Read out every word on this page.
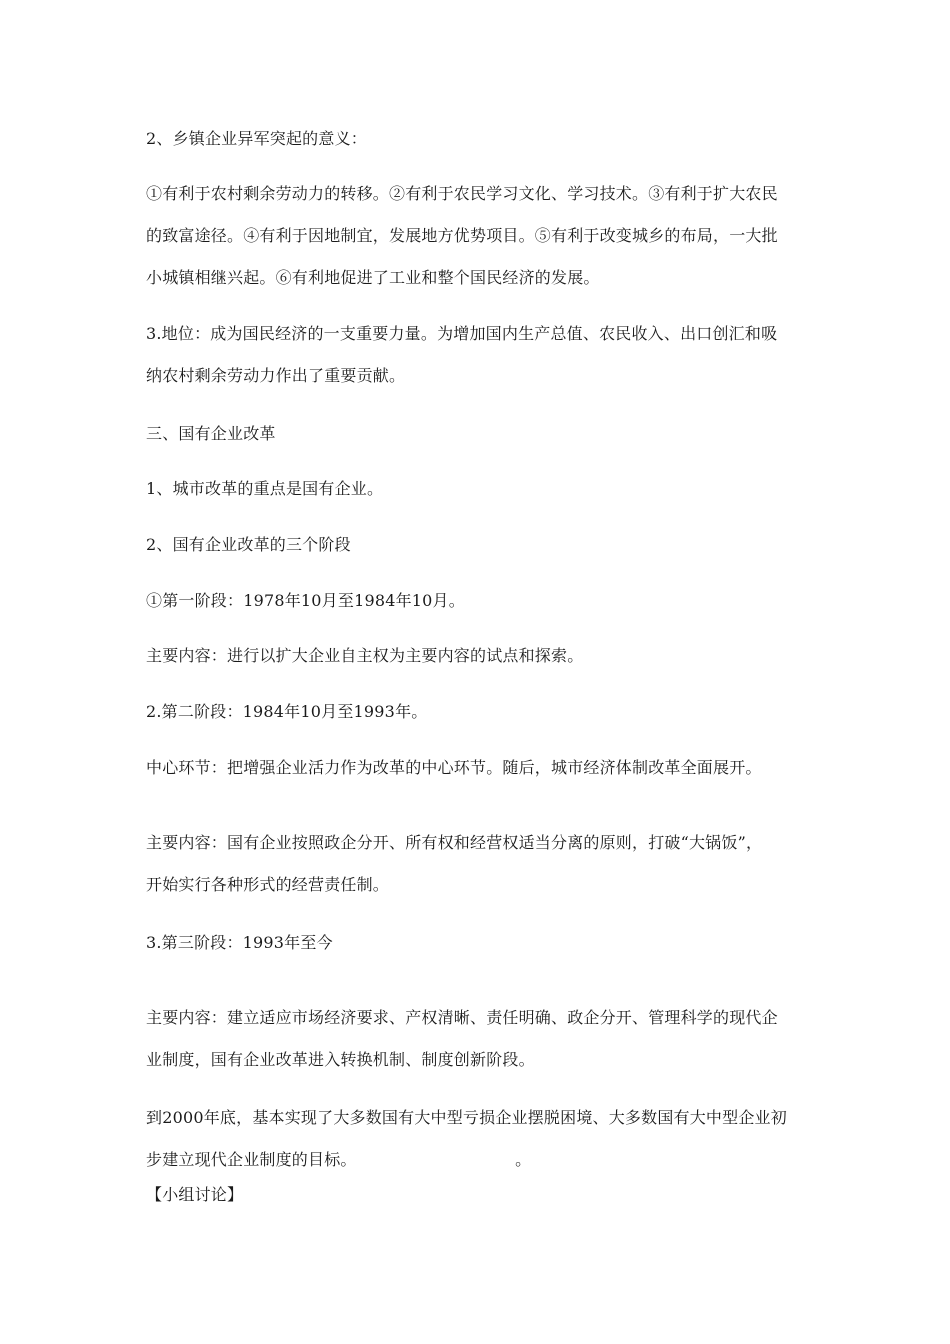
2、乡镇企业异军突起的意义：

①有利于农村剩余劳动力的转移。②有利于农民学习文化、学习技术。③有利于扩大农民
的致富途径。④有利于因地制宜，发展地方优势项目。⑤有利于改变城乡的布局，一大批
小城镇相继兴起。⑥有利地促进了工业和整个国民经济的发展。

3.地位：成为国民经济的一支重要力量。为增加国内生产总值、农民收入、出口创汇和吸
纳农村剩余劳动力作出了重要贡献。

三、国有企业改革

1、城市改革的重点是国有企业。

2、国有企业改革的三个阶段

①第一阶段：1978年10月至1984年10月。

主要内容：进行以扩大企业自主权为主要内容的试点和探索。

2.第二阶段：1984年10月至1993年。

中心环节：把增强企业活力作为改革的中心环节。随后，城市经济体制改革全面展开。

主要内容：国有企业按照政企分开、所有权和经营权适当分离的原则，打破“大锅饭”，
开始实行各种形式的经营责任制。

3.第三阶段：1993年至今

主要内容：建立适应市场经济要求、产权清晰、责任明确、政企分开、管理科学的现代企
业制度，国有企业改革进入转换机制、制度创新阶段。

到2000年底，基本实现了大多数国有大中型亏损企业摆脱困境、大多数国有大中型企业初
步建立现代企业制度的目标。                              。

【小组讨论】
